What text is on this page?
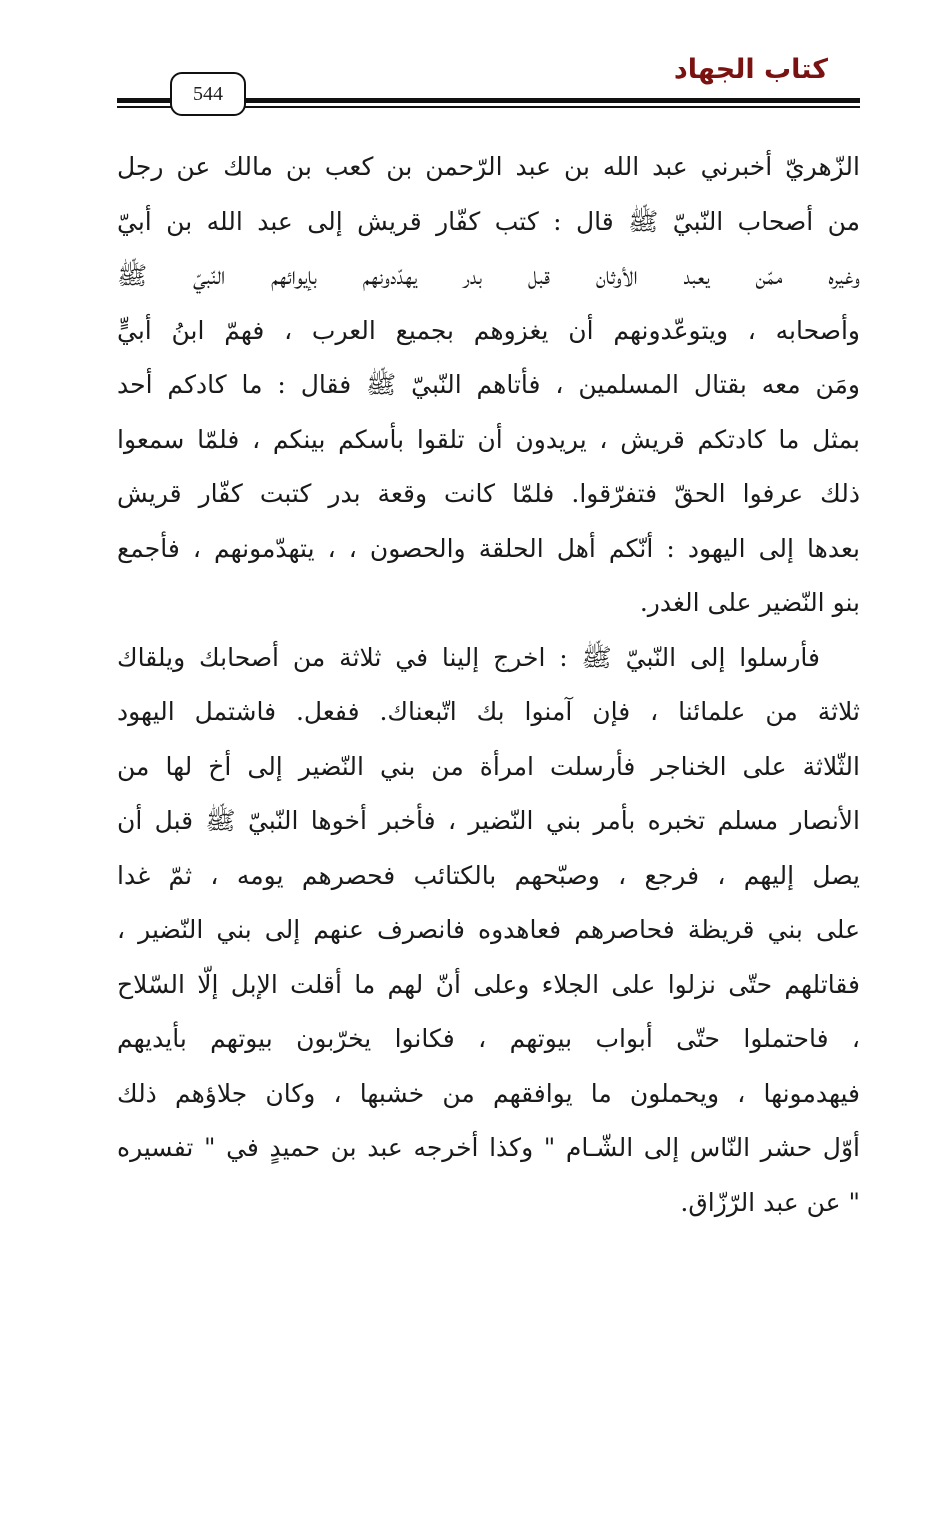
كتاب الجهاد
544
الزّهريّ أخبرني عبد الله بن عبد الرّحمن بن كعب بن مالك عن رجل
من أصحاب النّبيّ ﷺ قال : كتب كفّار قريش إلى عبد الله بن أبيّ
وغيره ممّن يعبد الأوثان قبل بدر يهدّدونهم بإيوائهم النّبيّ ﷺ
وأصحابه ، ويتوعّدونهم أن يغزوهم بجميع العرب ، فهمّ ابنُ أبيٍّ
ومَن معه بقتال المسلمين ، فأتاهم النّبيّ ﷺ فقال : ما كادكم أحد
بمثل ما كادتكم قريش ، يريدون أن تلقوا بأسكم بينكم ، فلمّا سمعوا
ذلك عرفوا الحقّ فتفرّقوا. فلمّا كانت وقعة بدر كتبت كفّار قريش
بعدها إلى اليهود : أنّكم أهل الحلقة والحصون ، ، يتهدّمونهم ، فأجمع
بنو النّضير على الغدر.
فأرسلوا إلى النّبيّ ﷺ : اخرج إلينا في ثلاثة من أصحابك ويلقاك
ثلاثة من علمائنا ، فإن آمنوا بك اتّبعناك. ففعل. فاشتمل اليهود
الثّلاثة على الخناجر فأرسلت امرأة من بني النّضير إلى أخ لها من
الأنصار مسلم تخبره بأمر بني النّضير ، فأخبر أخوها النّبيّ ﷺ قبل أن
يصل إليهم ، فرجع ، وصبّحهم بالكتائب فحصرهم يومه ، ثمّ غدا
على بني قريظة فحاصرهم فعاهدوه فانصرف عنهم إلى بني النّضير ،
فقاتلهم حتّى نزلوا على الجلاء وعلى أنّ لهم ما أقلت الإبل إلّا السّلاح
، فاحتملوا حتّى أبواب بيوتهم ، فكانوا يخرّبون بيوتهم بأيديهم
فيهدمونها ، ويحملون ما يوافقهم من خشبها ، وكان جلاؤهم ذلك
أوّل حشر النّاس إلى الشّـام " وكذا أخرجه عبد بن حميدٍ في " تفسيره
" عن عبد الرّزّاق.
